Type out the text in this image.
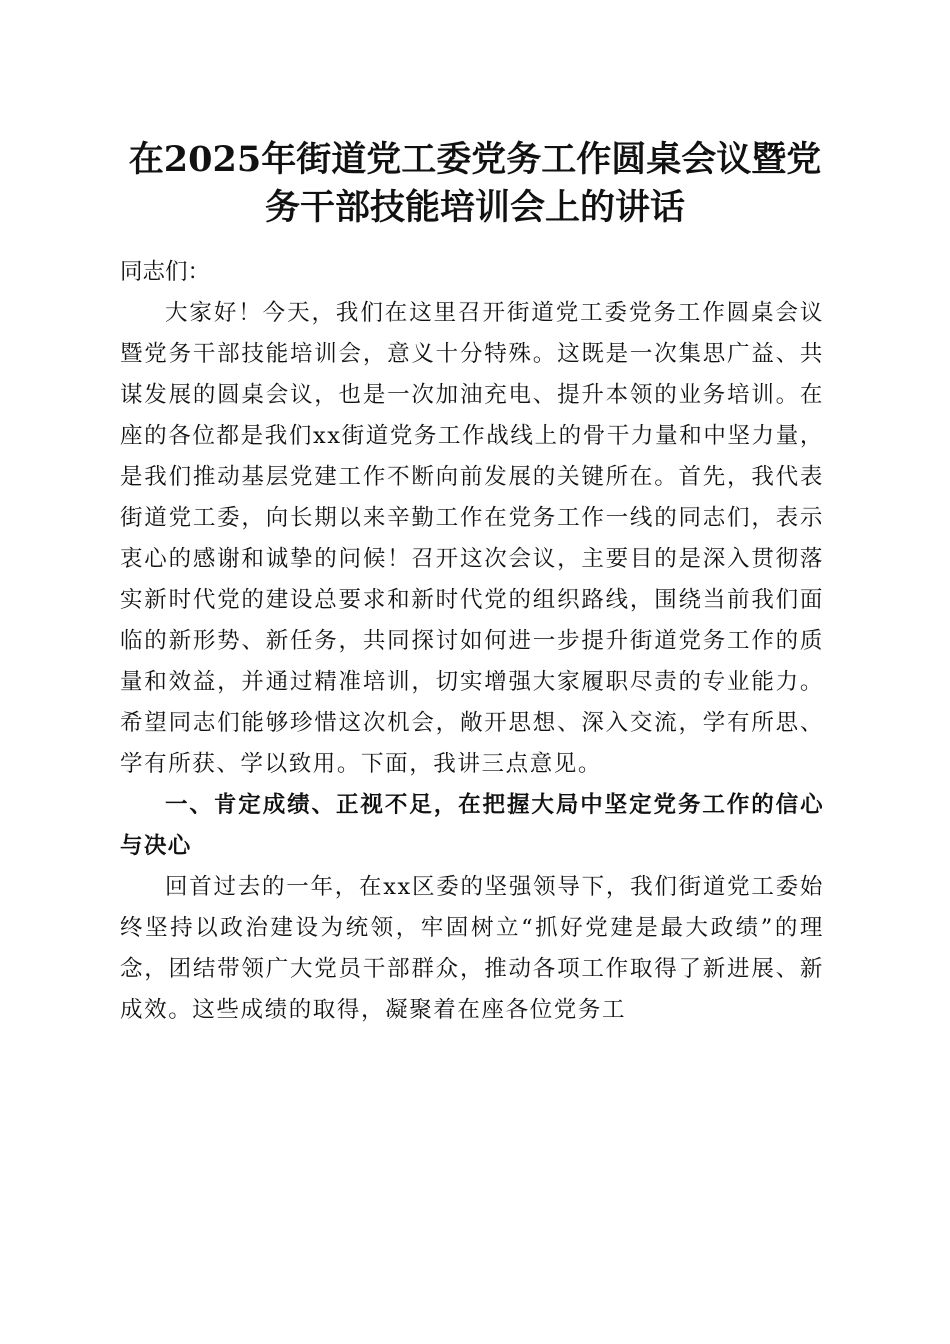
在2025年街道党工委党务工作圆桌会议暨党
务干部技能培训会上的讲话

同志们：

大家好！今天，我们在这里召开街道党工委党务工作圆桌会议暨党务干部技能培训会，意义十分特殊。这既是一次集思广益、共谋发展的圆桌会议，也是一次加油充电、提升本领的业务培训。在座的各位都是我们xx街道党务工作战线上的骨干力量和中坚力量，是我们推动基层党建工作不断向前发展的关键所在。首先，我代表街道党工委，向长期以来辛勤工作在党务工作一线的同志们，表示衷心的感谢和诚挚的问候！召开这次会议，主要目的是深入贯彻落实新时代党的建设总要求和新时代党的组织路线，围绕当前我们面临的新形势、新任务，共同探讨如何进一步提升街道党务工作的质量和效益，并通过精准培训，切实增强大家履职尽责的专业能力。希望同志们能够珍惜这次机会，敞开思想、深入交流，学有所思、学有所获、学以致用。下面，我讲三点意见。

一、肯定成绩、正视不足，在把握大局中坚定党务工作的信心与决心

回首过去的一年，在xx区委的坚强领导下，我们街道党工委始终坚持以政治建设为统领，牢固树立“抓好党建是最大政绩”的理念，团结带领广大党员干部群众，推动各项工作取得了新进展、新成效。这些成绩的取得，凝聚着在座各位党务工
